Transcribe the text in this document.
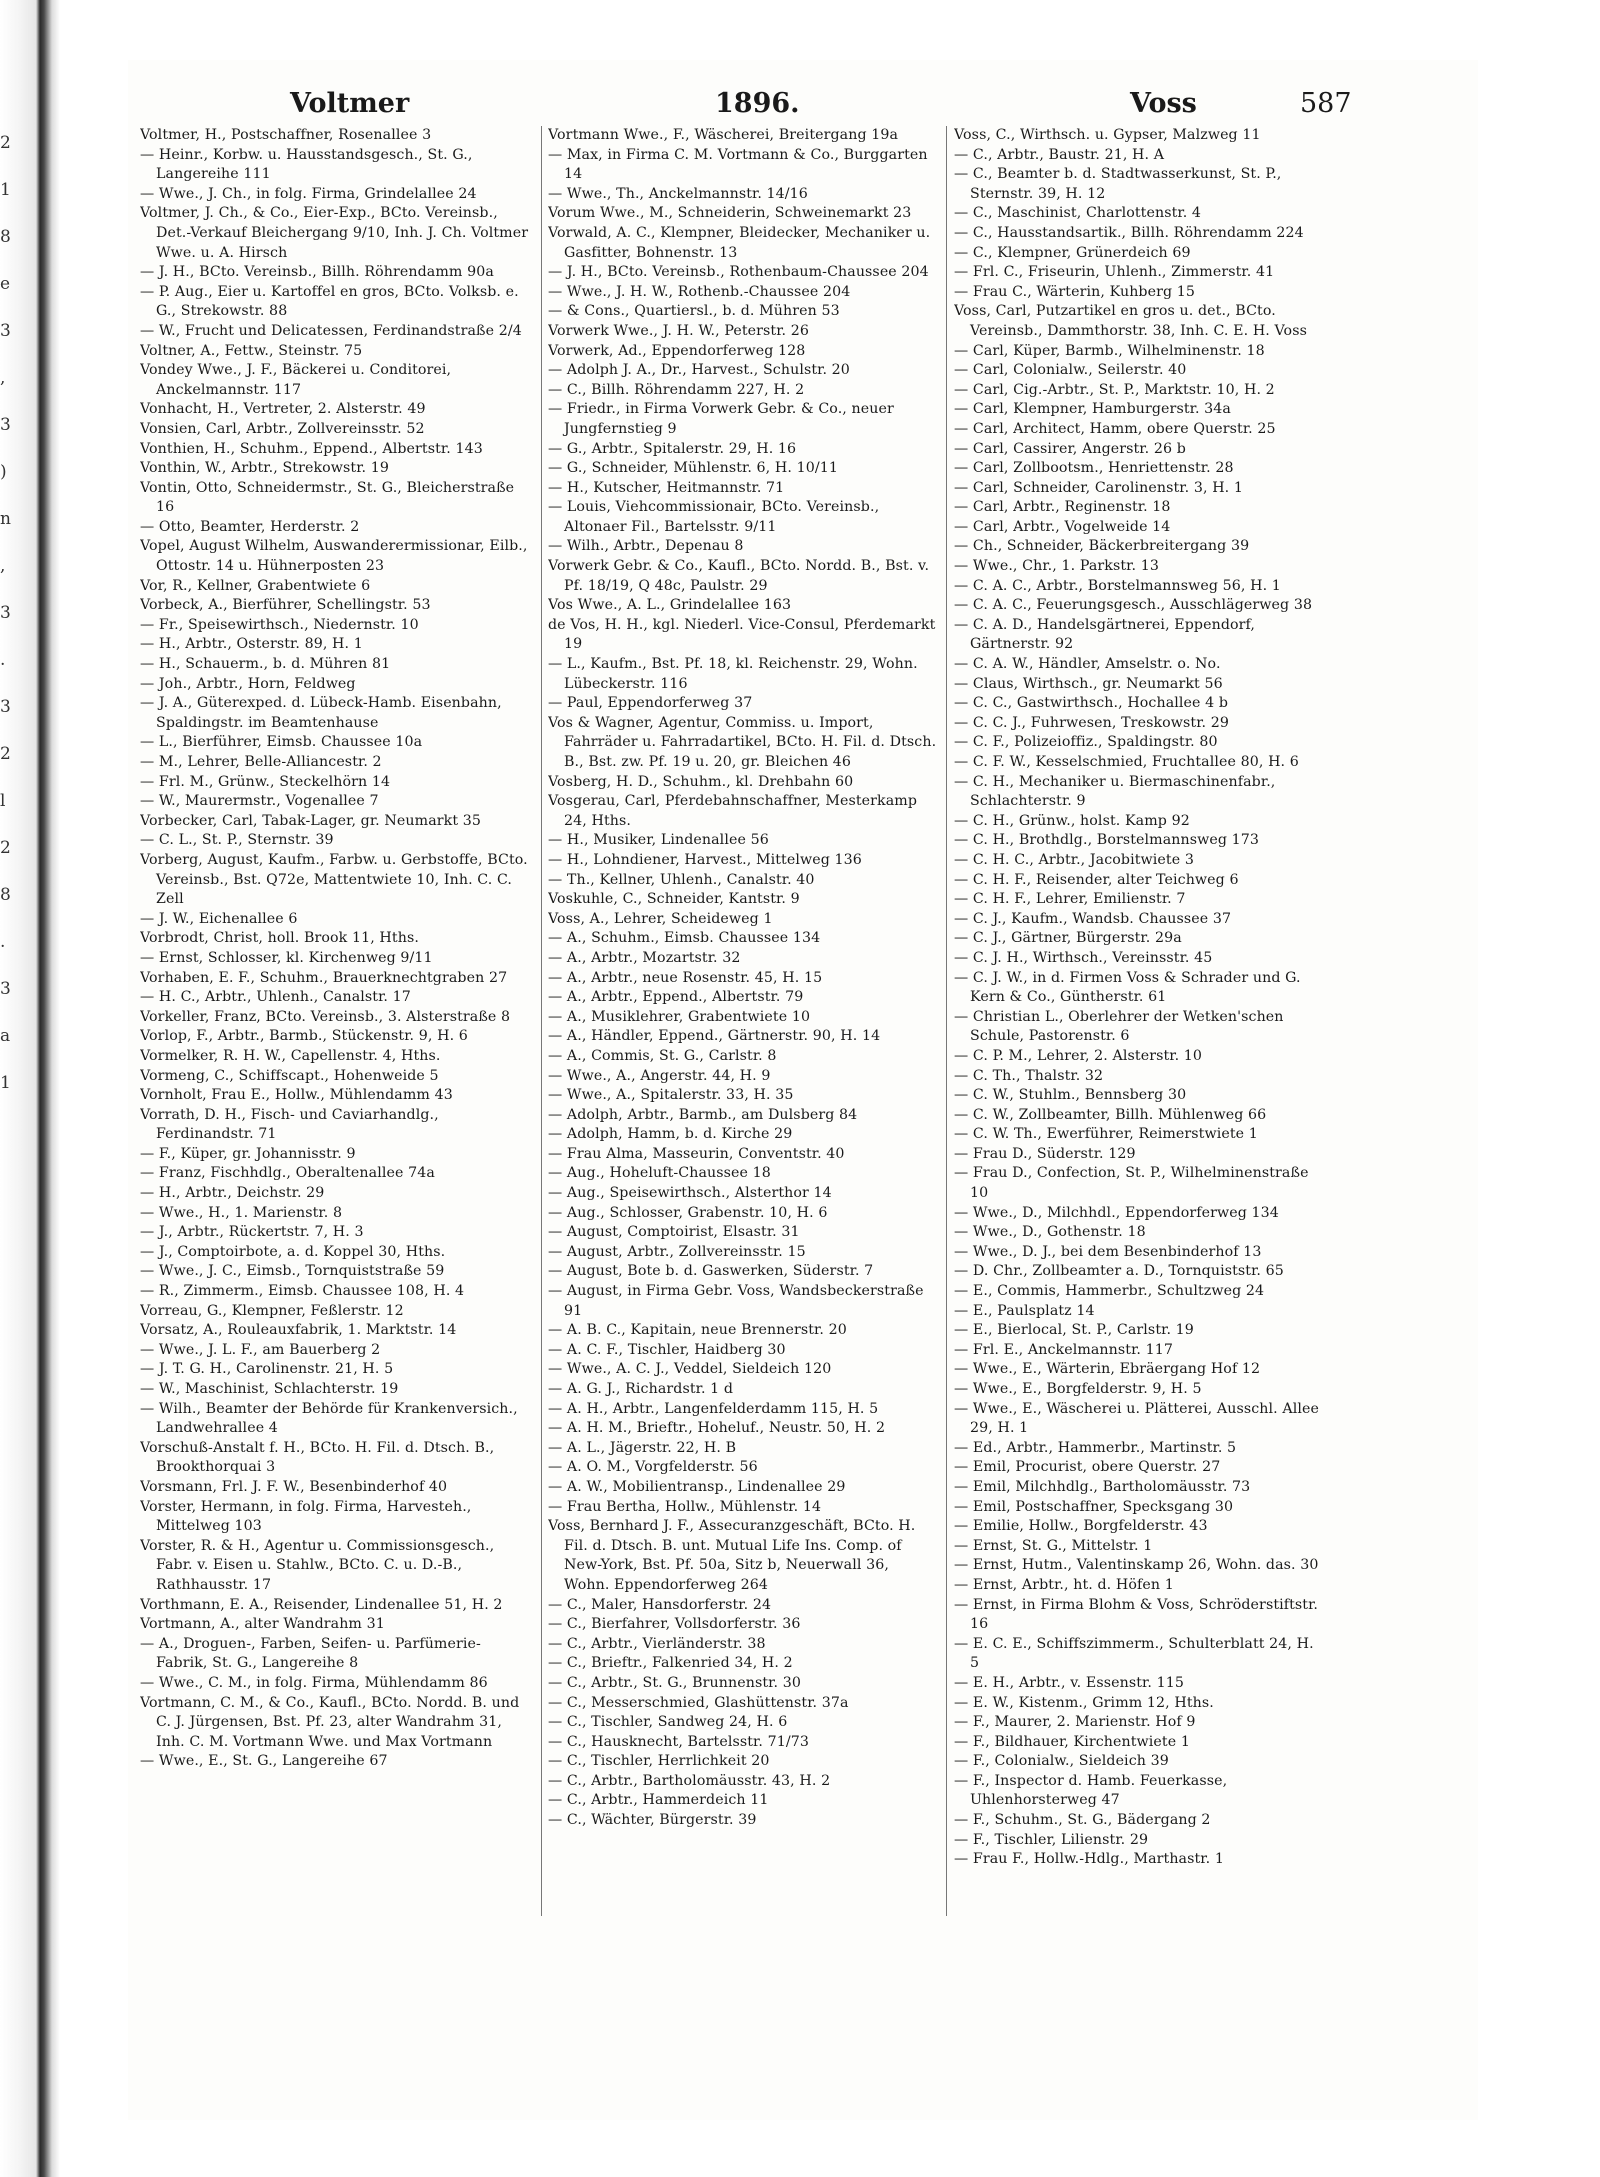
2
1
8
e
3
,
3
)
n
,
3
.
3
2
l
2
8
.
3
a
1
Voltmer	1896.	Voss	587
Voltmer, H., Postschaffner, Rosenallee 3
— Heinr., Korbw. u. Hausstandsgesch., St. G., Langereihe 111
— Wwe., J. Ch., in folg. Firma, Grindelallee 24
Voltmer, J. Ch., & Co., Eier-Exp., BCto. Vereinsb., Det.-Verkauf Bleichergang 9/10, Inh. J. Ch. Voltmer Wwe. u. A. Hirsch
— J. H., BCto. Vereinsb., Billh. Röhrendamm 90a
— P. Aug., Eier u. Kartoffel en gros, BCto. Volksb. e. G., Strekowstr. 88
— W., Frucht und Delicatessen, Ferdinandstraße 2/4
Voltner, A., Fettw., Steinstr. 75
Vondey Wwe., J. F., Bäckerei u. Conditorei, Anckelmannstr. 117
Vonhacht, H., Vertreter, 2. Alsterstr. 49
Vonsien, Carl, Arbtr., Zollvereinsstr. 52
Vonthien, H., Schuhm., Eppend., Albertstr. 143
Vonthin, W., Arbtr., Strekowstr. 19
Vontin, Otto, Schneidermstr., St. G., Bleicherstraße 16
— Otto, Beamter, Herderstr. 2
Vopel, August Wilhelm, Auswanderermissionar, Eilb., Ottostr. 14 u. Hühnerposten 23
Vor, R., Kellner, Grabentwiete 6
Vorbeck, A., Bierführer, Schellingstr. 53
— Fr., Speisewirthsch., Niedernstr. 10
— H., Arbtr., Osterstr. 89, H. 1
— H., Schauerm., b. d. Mühren 81
— Joh., Arbtr., Horn, Feldweg
— J. A., Güterexped. d. Lübeck-Hamb. Eisenbahn, Spaldingstr. im Beamtenhause
— L., Bierführer, Eimsb. Chaussee 10a
— M., Lehrer, Belle-Alliancestr. 2
— Frl. M., Grünw., Steckelhörn 14
— W., Maurermstr., Vogenallee 7
Vorbecker, Carl, Tabak-Lager, gr. Neumarkt 35
— C. L., St. P., Sternstr. 39
Vorberg, August, Kaufm., Farbw. u. Gerbstoffe, BCto. Vereinsb., Bst. Q72e, Mattentwiete 10, Inh. C. C. Zell
— J. W., Eichenallee 6
Vorbrodt, Christ, holl. Brook 11, Hths.
— Ernst, Schlosser, kl. Kirchenweg 9/11
Vorhaben, E. F., Schuhm., Brauerknechtgraben 27
— H. C., Arbtr., Uhlenh., Canalstr. 17
Vorkeller, Franz, BCto. Vereinsb., 3. Alsterstraße 8
Vorlop, F., Arbtr., Barmb., Stückenstr. 9, H. 6
Vormelker, R. H. W., Capellenstr. 4, Hths.
Vormeng, C., Schiffscapt., Hohenweide 5
Vornholt, Frau E., Hollw., Mühlendamm 43
Vorrath, D. H., Fisch- und Caviarhandlg., Ferdinandstr. 71
— F., Küper, gr. Johannisstr. 9
— Franz, Fischhdlg., Oberaltenallee 74a
— H., Arbtr., Deichstr. 29
— Wwe., H., 1. Marienstr. 8
— J., Arbtr., Rückertstr. 7, H. 3
— J., Comptoirbote, a. d. Koppel 30, Hths.
— Wwe., J. C., Eimsb., Tornquiststraße 59
— R., Zimmerm., Eimsb. Chaussee 108, H. 4
Vorreau, G., Klempner, Feßlerstr. 12
Vorsatz, A., Rouleauxfabrik, 1. Marktstr. 14
— Wwe., J. L. F., am Bauerberg 2
— J. T. G. H., Carolinenstr. 21, H. 5
— W., Maschinist, Schlachterstr. 19
— Wilh., Beamter der Behörde für Krankenversich., Landwehrallee 4
Vorschuß-Anstalt f. H., BCto. H. Fil. d. Dtsch. B., Brookthorquai 3
Vorsmann, Frl. J. F. W., Besenbinderhof 40
Vorster, Hermann, in folg. Firma, Harvesteh., Mittelweg 103
Vorster, R. & H., Agentur u. Commissionsgesch., Fabr. v. Eisen u. Stahlw., BCto. C. u. D.-B., Rathhausstr. 17
Vorthmann, E. A., Reisender, Lindenallee 51, H. 2
Vortmann, A., alter Wandrahm 31
— A., Droguen-, Farben, Seifen- u. Parfümerie-Fabrik, St. G., Langereihe 8
— Wwe., C. M., in folg. Firma, Mühlendamm 86
Vortmann, C. M., & Co., Kaufl., BCto. Nordd. B. und C. J. Jürgensen, Bst. Pf. 23, alter Wandrahm 31, Inh. C. M. Vortmann Wwe. und Max Vortmann
— Wwe., E., St. G., Langereihe 67
Vortmann Wwe., F., Wäscherei, Breitergang 19a
— Max, in Firma C. M. Vortmann & Co., Burggarten 14
— Wwe., Th., Anckelmannstr. 14/16
Vorum Wwe., M., Schneiderin, Schweinemarkt 23
Vorwald, A. C., Klempner, Bleidecker, Mechaniker u. Gasfitter, Bohnenstr. 13
— J. H., BCto. Vereinsb., Rothenbaum-Chaussee 204
— Wwe., J. H. W., Rothenb.-Chaussee 204
— & Cons., Quartiersl., b. d. Mühren 53
Vorwerk Wwe., J. H. W., Peterstr. 26
Vorwerk, Ad., Eppendorferweg 128
— Adolph J. A., Dr., Harvest., Schulstr. 20
— C., Billh. Röhrendamm 227, H. 2
— Friedr., in Firma Vorwerk Gebr. & Co., neuer Jungfernstieg 9
— G., Arbtr., Spitalerstr. 29, H. 16
— G., Schneider, Mühlenstr. 6, H. 10/11
— H., Kutscher, Heitmannstr. 71
— Louis, Viehcommissionair, BCto. Vereinsb., Altonaer Fil., Bartelsstr. 9/11
— Wilh., Arbtr., Depenau 8
Vorwerk Gebr. & Co., Kaufl., BCto. Nordd. B., Bst. v. Pf. 18/19, Q 48c, Paulstr. 29
Vos Wwe., A. L., Grindelallee 163
de Vos, H. H., kgl. Niederl. Vice-Consul, Pferdemarkt 19
— L., Kaufm., Bst. Pf. 18, kl. Reichenstr. 29, Wohn. Lübeckerstr. 116
— Paul, Eppendorferweg 37
Vos & Wagner, Agentur, Commiss. u. Import, Fahrräder u. Fahrradartikel, BCto. H. Fil. d. Dtsch. B., Bst. zw. Pf. 19 u. 20, gr. Bleichen 46
Vosberg, H. D., Schuhm., kl. Drehbahn 60
Vosgerau, Carl, Pferdebahnschaffner, Mesterkamp 24, Hths.
— H., Musiker, Lindenallee 56
— H., Lohndiener, Harvest., Mittelweg 136
— Th., Kellner, Uhlenh., Canalstr. 40
Voskuhle, C., Schneider, Kantstr. 9
Voss, A., Lehrer, Scheideweg 1
— A., Schuhm., Eimsb. Chaussee 134
— A., Arbtr., Mozartstr. 32
— A., Arbtr., neue Rosenstr. 45, H. 15
— A., Arbtr., Eppend., Albertstr. 79
— A., Musiklehrer, Grabentwiete 10
— A., Händler, Eppend., Gärtnerstr. 90, H. 14
— A., Commis, St. G., Carlstr. 8
— Wwe., A., Angerstr. 44, H. 9
— Wwe., A., Spitalerstr. 33, H. 35
— Adolph, Arbtr., Barmb., am Dulsberg 84
— Adolph, Hamm, b. d. Kirche 29
— Frau Alma, Masseurin, Conventstr. 40
— Aug., Hoheluft-Chaussee 18
— Aug., Speisewirthsch., Alsterthor 14
— Aug., Schlosser, Grabenstr. 10, H. 6
— August, Comptoirist, Elsastr. 31
— August, Arbtr., Zollvereinsstr. 15
— August, Bote b. d. Gaswerken, Süderstr. 7
— August, in Firma Gebr. Voss, Wandsbeckerstraße 91
— A. B. C., Kapitain, neue Brennerstr. 20
— A. C. F., Tischler, Haidberg 30
— Wwe., A. C. J., Veddel, Sieldeich 120
— A. G. J., Richardstr. 1 d
— A. H., Arbtr., Langenfelderdamm 115, H. 5
— A. H. M., Brieftr., Hoheluf., Neustr. 50, H. 2
— A. L., Jägerstr. 22, H. B
— A. O. M., Vorgfelderstr. 56
— A. W., Mobilientransp., Lindenallee 29
— Frau Bertha, Hollw., Mühlenstr. 14
Voss, Bernhard J. F., Assecuranzgeschäft, BCto. H. Fil. d. Dtsch. B. unt. Mutual Life Ins. Comp. of New-York, Bst. Pf. 50a, Sitz b, Neuerwall 36, Wohn. Eppendorferweg 264
— C., Maler, Hansdorferstr. 24
— C., Bierfahrer, Vollsdorferstr. 36
— C., Arbtr., Vierländerstr. 38
— C., Brieftr., Falkenried 34, H. 2
— C., Arbtr., St. G., Brunnenstr. 30
— C., Messerschmied, Glashüttenstr. 37a
— C., Tischler, Sandweg 24, H. 6
— C., Hausknecht, Bartelsstr. 71/73
— C., Tischler, Herrlichkeit 20
— C., Arbtr., Bartholomäusstr. 43, H. 2
— C., Arbtr., Hammerdeich 11
— C., Wächter, Bürgerstr. 39
Voss, C., Wirthsch. u. Gypser, Malzweg 11
— C., Arbtr., Baustr. 21, H. A
— C., Beamter b. d. Stadtwasserkunst, St. P., Sternstr. 39, H. 12
— C., Maschinist, Charlottenstr. 4
— C., Hausstandsartik., Billh. Röhrendamm 224
— C., Klempner, Grünerdeich 69
— Frl. C., Friseurin, Uhlenh., Zimmerstr. 41
— Frau C., Wärterin, Kuhberg 15
Voss, Carl, Putzartikel en gros u. det., BCto. Vereinsb., Dammthorstr. 38, Inh. C. E. H. Voss
— Carl, Küper, Barmb., Wilhelminenstr. 18
— Carl, Colonialw., Seilerstr. 40
— Carl, Cig.-Arbtr., St. P., Marktstr. 10, H. 2
— Carl, Klempner, Hamburgerstr. 34a
— Carl, Architect, Hamm, obere Querstr. 25
— Carl, Cassirer, Angerstr. 26 b
— Carl, Zollbootsm., Henriettenstr. 28
— Carl, Schneider, Carolinenstr. 3, H. 1
— Carl, Arbtr., Reginenstr. 18
— Carl, Arbtr., Vogelweide 14
— Ch., Schneider, Bäckerbreitergang 39
— Wwe., Chr., 1. Parkstr. 13
— C. A. C., Arbtr., Borstelmannsweg 56, H. 1
— C. A. C., Feuerungsgesch., Ausschlägerweg 38
— C. A. D., Handelsgärtnerei, Eppendorf, Gärtnerstr. 92
— C. A. W., Händler, Amselstr. o. No.
— Claus, Wirthsch., gr. Neumarkt 56
— C. C., Gastwirthsch., Hochallee 4 b
— C. C. J., Fuhrwesen, Treskowstr. 29
— C. F., Polizeioffiz., Spaldingstr. 80
— C. F. W., Kesselschmied, Fruchtallee 80, H. 6
— C. H., Mechaniker u. Biermaschinenfabr., Schlachterstr. 9
— C. H., Grünw., holst. Kamp 92
— C. H., Brothdlg., Borstelmannsweg 173
— C. H. C., Arbtr., Jacobitwiete 3
— C. H. F., Reisender, alter Teichweg 6
— C. H. F., Lehrer, Emilienstr. 7
— C. J., Kaufm., Wandsb. Chaussee 37
— C. J., Gärtner, Bürgerstr. 29a
— C. J. H., Wirthsch., Vereinsstr. 45
— C. J. W., in d. Firmen Voss & Schrader und G. Kern & Co., Güntherstr. 61
— Christian L., Oberlehrer der Wetken'schen Schule, Pastorenstr. 6
— C. P. M., Lehrer, 2. Alsterstr. 10
— C. Th., Thalstr. 32
— C. W., Stuhlm., Bennsberg 30
— C. W., Zollbeamter, Billh. Mühlenweg 66
— C. W. Th., Ewerführer, Reimerstwiete 1
— Frau D., Süderstr. 129
— Frau D., Confection, St. P., Wilhelminenstraße 10
— Wwe., D., Milchhdl., Eppendorferweg 134
— Wwe., D., Gothenstr. 18
— Wwe., D. J., bei dem Besenbinderhof 13
— D. Chr., Zollbeamter a. D., Tornquiststr. 65
— E., Commis, Hammerbr., Schultzweg 24
— E., Paulsplatz 14
— E., Bierlocal, St. P., Carlstr. 19
— Frl. E., Anckelmannstr. 117
— Wwe., E., Wärterin, Ebräergang Hof 12
— Wwe., E., Borgfelderstr. 9, H. 5
— Wwe., E., Wäscherei u. Plätterei, Ausschl. Allee 29, H. 1
— Ed., Arbtr., Hammerbr., Martinstr. 5
— Emil, Procurist, obere Querstr. 27
— Emil, Milchhdlg., Bartholomäusstr. 73
— Emil, Postschaffner, Specksgang 30
— Emilie, Hollw., Borgfelderstr. 43
— Ernst, St. G., Mittelstr. 1
— Ernst, Hutm., Valentinskamp 26, Wohn. das. 30
— Ernst, Arbtr., ht. d. Höfen 1
— Ernst, in Firma Blohm & Voss, Schröderstiftstr. 16
— E. C. E., Schiffszimmerm., Schulterblatt 24, H. 5
— E. H., Arbtr., v. Essenstr. 115
— E. W., Kistenm., Grimm 12, Hths.
— F., Maurer, 2. Marienstr. Hof 9
— F., Bildhauer, Kirchentwiete 1
— F., Colonialw., Sieldeich 39
— F., Inspector d. Hamb. Feuerkasse, Uhlenhorsterweg 47
— F., Schuhm., St. G., Bädergang 2
— F., Tischler, Lilienstr. 29
— Frau F., Hollw.-Hdlg., Marthastr. 1
